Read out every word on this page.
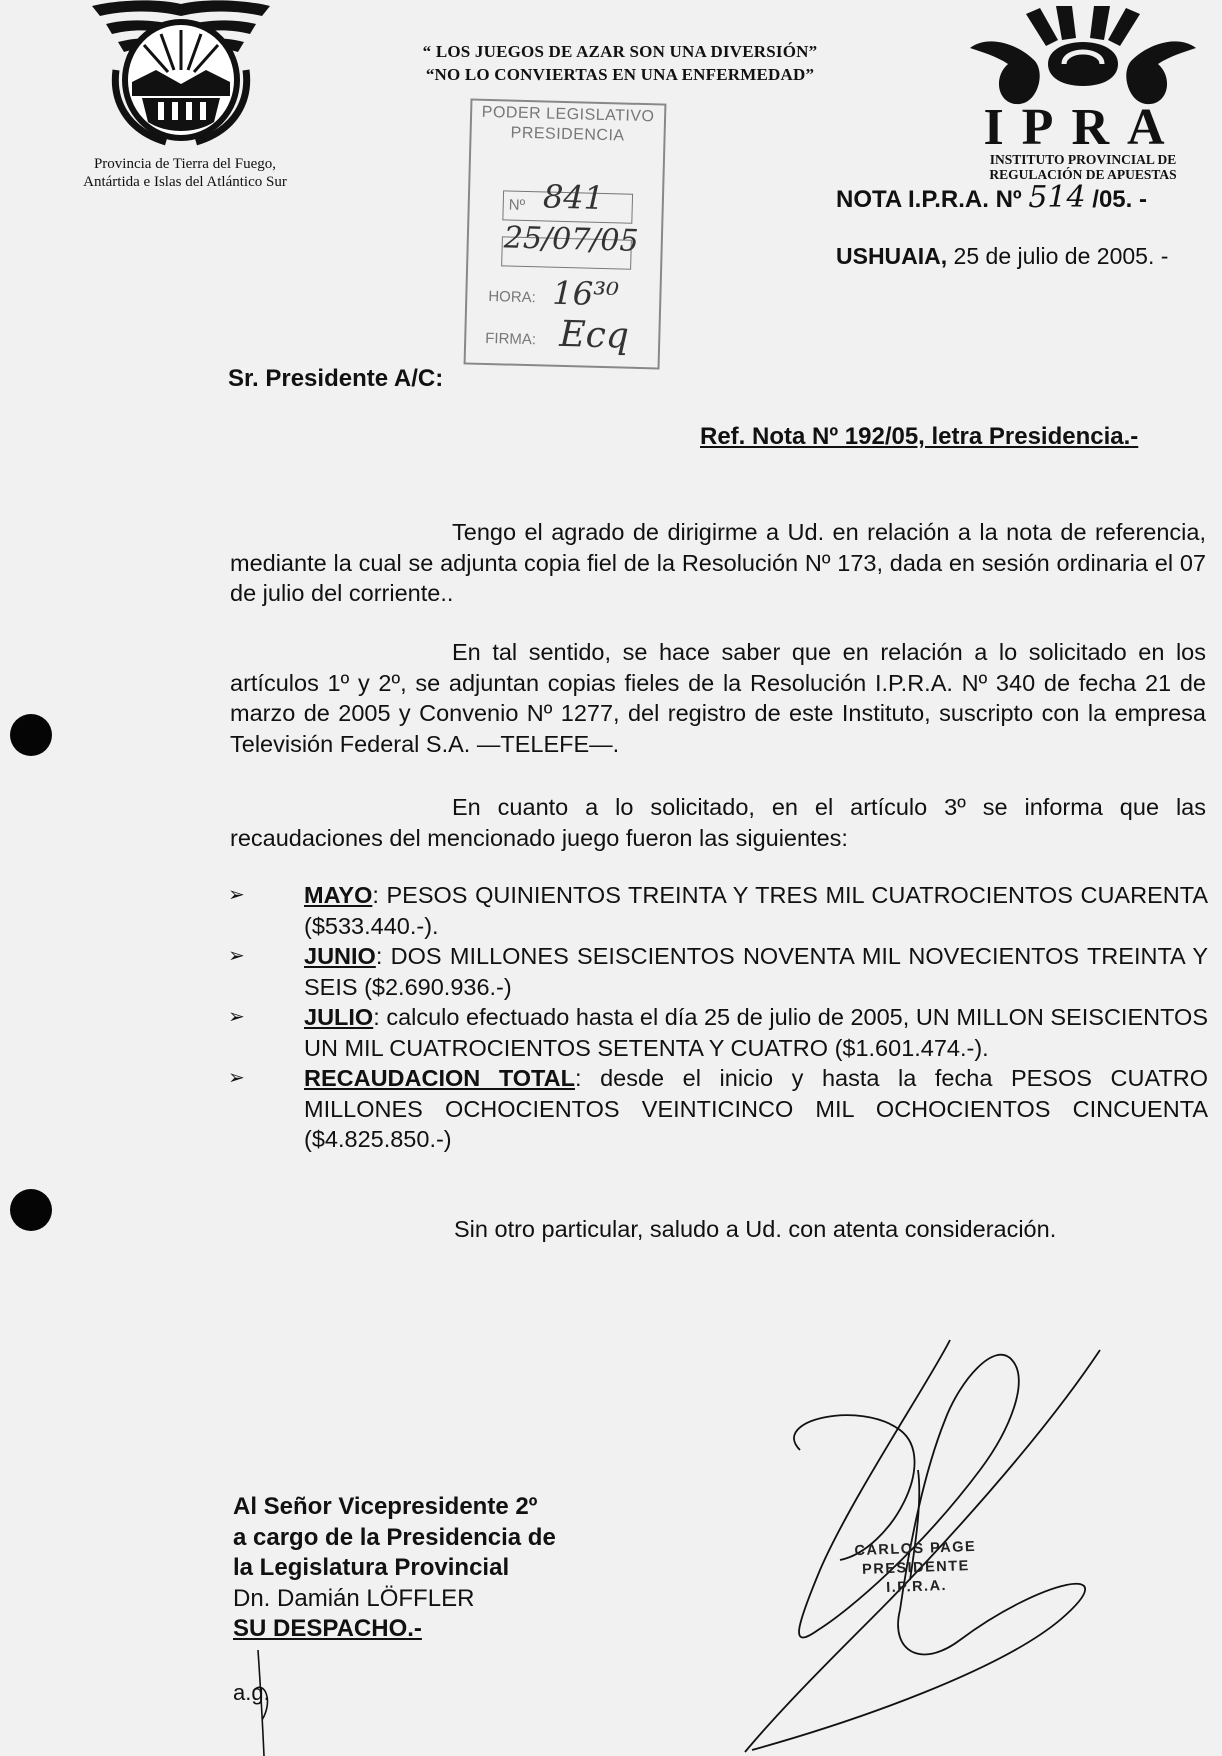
Provincia de Tierra del Fuego,
Antártida e Islas del Atlántico Sur
“ LOS JUEGOS DE AZAR SON UNA DIVERSIÓN”
“NO LO CONVIERTAS EN UNA ENFERMEDAD”
IPRA
INSTITUTO PROVINCIAL DE
REGULACIÓN DE APUESTAS
PODER LEGISLATIVO
PRESIDENCIA
Nº 841
25/07/05
HORA: 16³⁰
FIRMA: Ecq
NOTA I.P.R.A. Nº 514 /05. -
USHUAIA, 25 de julio de 2005. -
Sr. Presidente A/C:
Ref. Nota Nº 192/05, letra Presidencia.-
Tengo el agrado de dirigirme a Ud. en relación a la nota de referencia, mediante la cual se adjunta copia fiel de la Resolución Nº 173, dada en sesión ordinaria el 07 de julio del corriente..
En tal sentido, se hace saber que en relación a lo solicitado en los artículos 1º y 2º, se adjuntan copias fieles de la Resolución I.P.R.A. Nº 340 de fecha 21 de marzo de 2005 y Convenio Nº 1277, del registro de este Instituto, suscripto con la empresa Televisión Federal S.A. —TELEFE—.
En cuanto a lo solicitado, en el artículo 3º se informa que las recaudaciones del mencionado juego fueron las siguientes:
➢	MAYO: PESOS QUINIENTOS TREINTA Y TRES MIL CUATROCIENTOS CUARENTA ($533.440.-).
➢	JUNIO: DOS MILLONES SEISCIENTOS NOVENTA MIL NOVECIENTOS TREINTA Y SEIS ($2.690.936.-)
➢	JULIO: calculo efectuado hasta el día 25 de julio de 2005, UN MILLON SEISCIENTOS UN MIL CUATROCIENTOS SETENTA Y CUATRO ($1.601.474.-).
➢	RECAUDACION TOTAL: desde el inicio y hasta la fecha PESOS CUATRO MILLONES OCHOCIENTOS VEINTICINCO MIL OCHOCIENTOS CINCUENTA ($4.825.850.-)
Sin otro particular, saludo a Ud. con atenta consideración.
CARLOS PAGE
PRESIDENTE
I.P.R.A.
Al Señor Vicepresidente 2º
a cargo de la Presidencia de
la Legislatura Provincial
Dn. Damián LÖFFLER
SU DESPACHO.-
a.g.
